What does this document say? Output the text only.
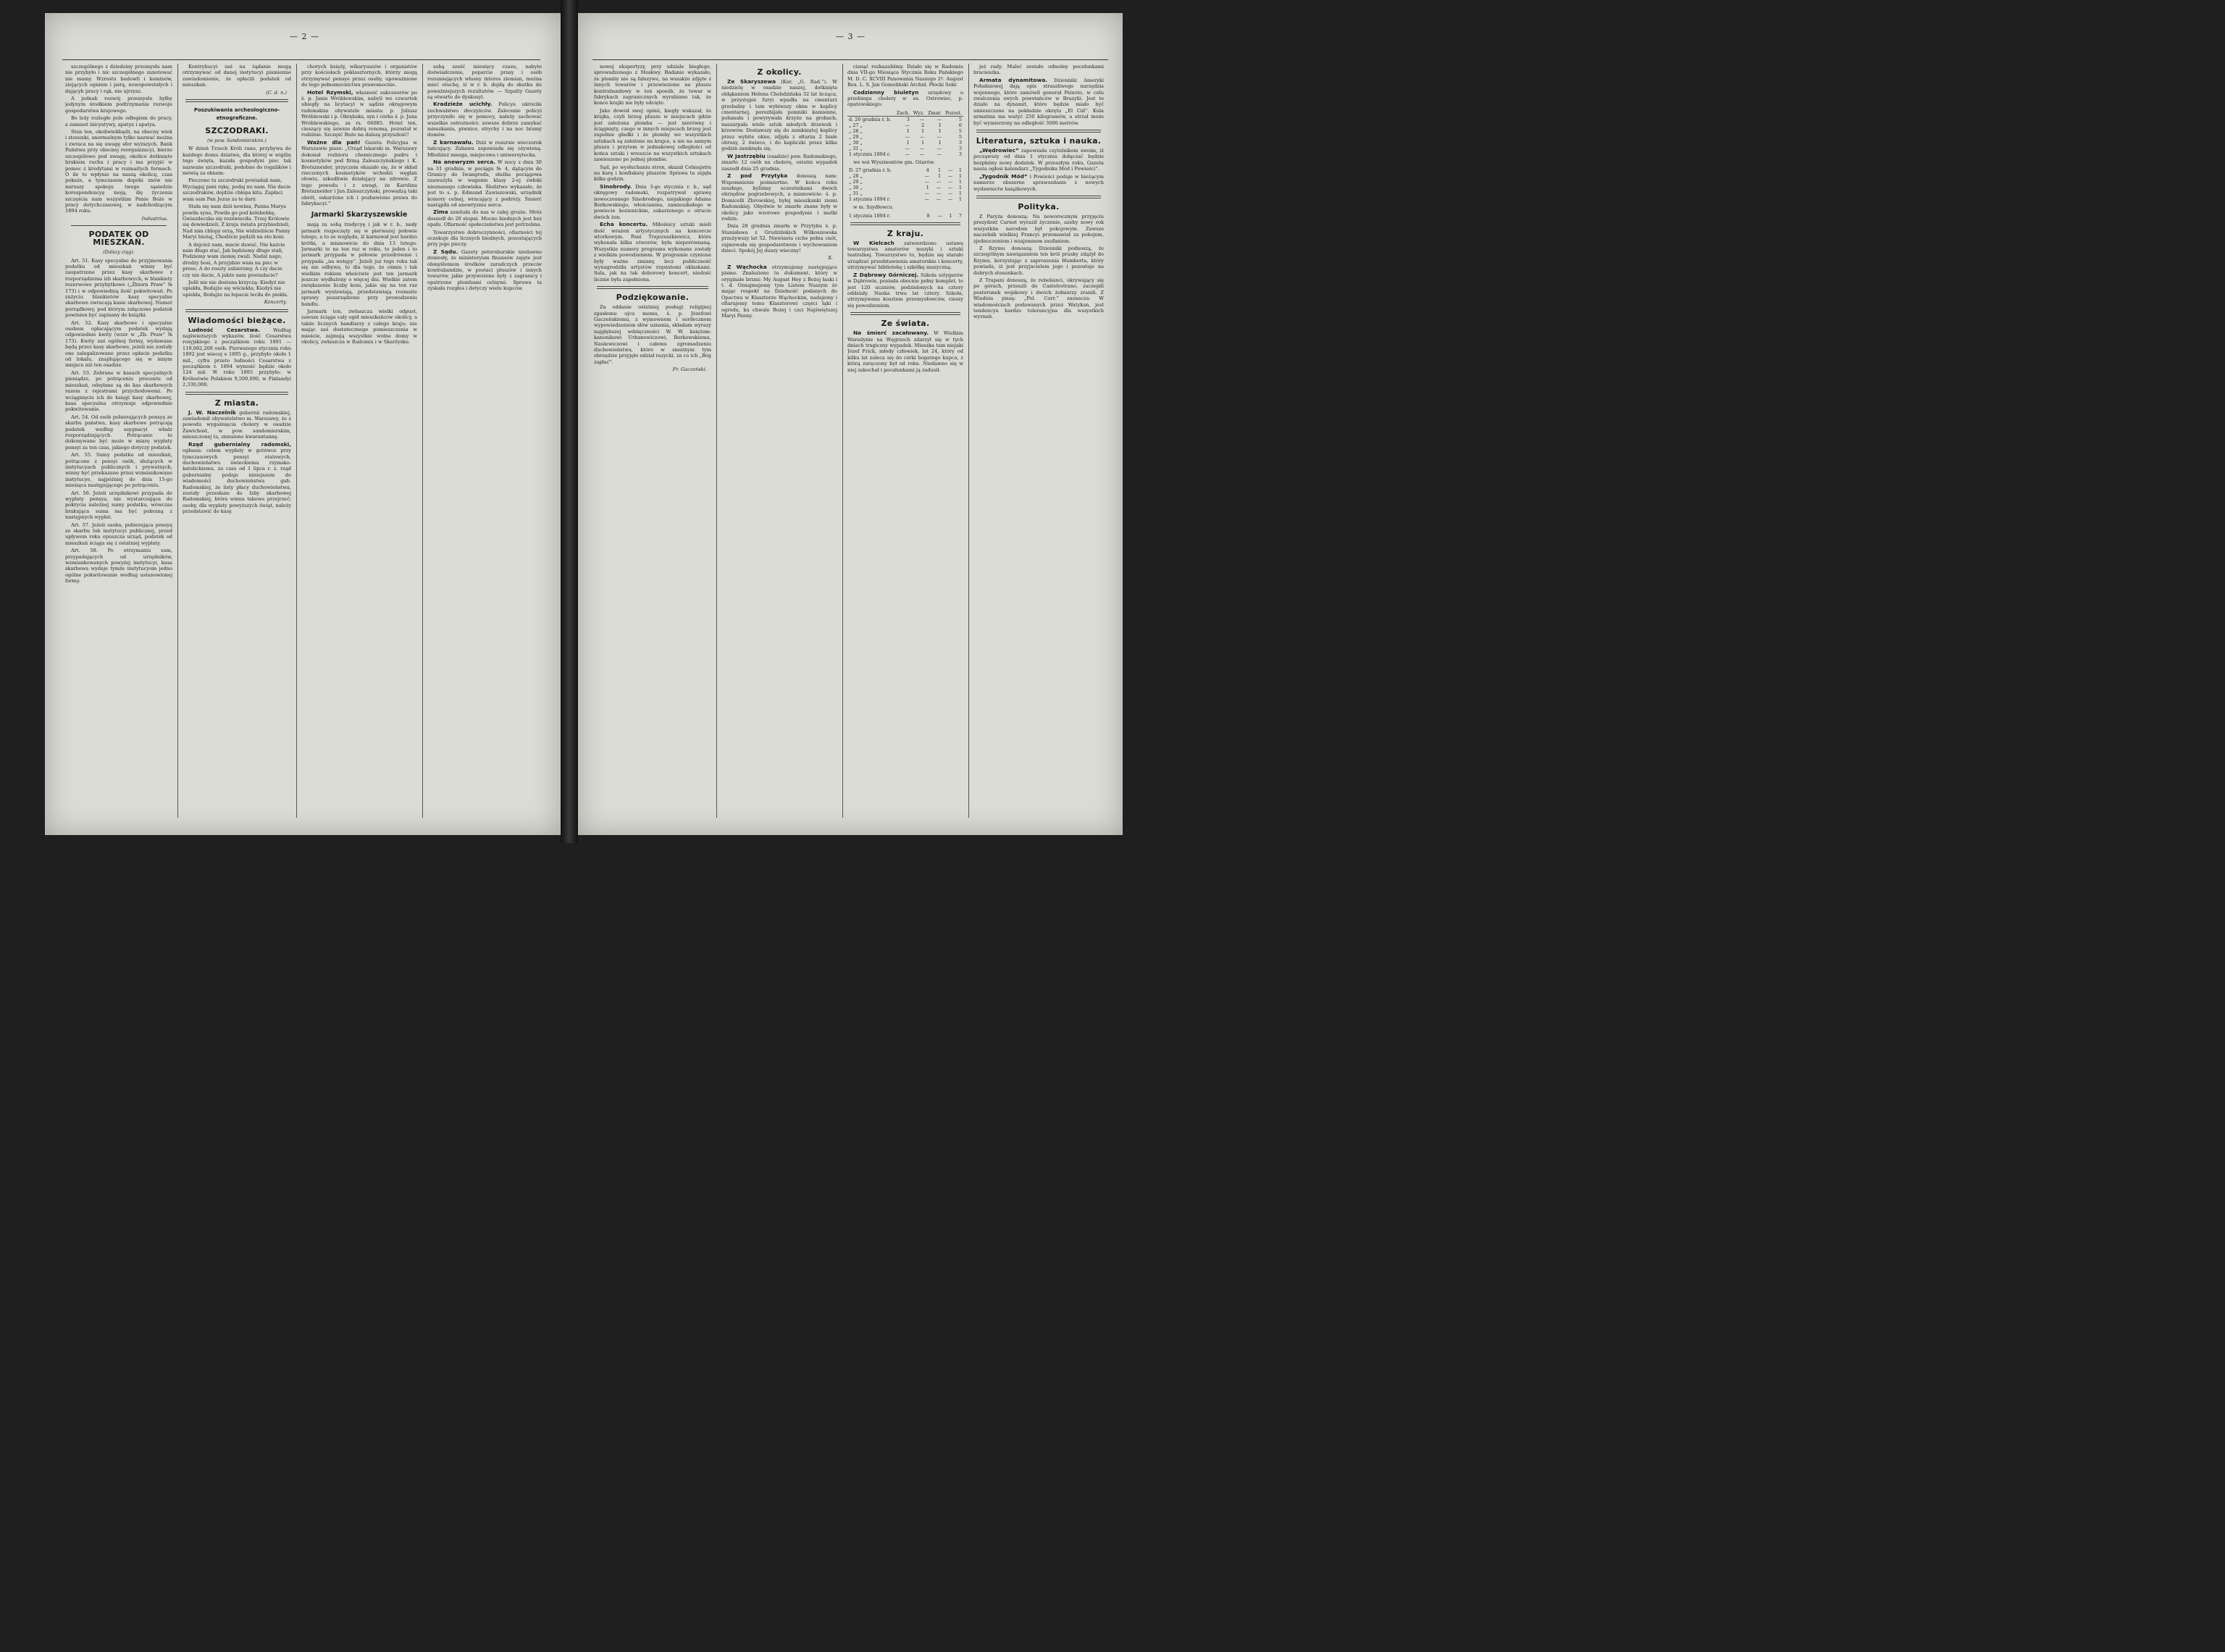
— 2 —

szczególnego z dziedziny przemysłu nam nie przybyło i nic szczególnego zanotować nie mamy. Wzrostu budowli i kominów, ziejących ogniem i parą, nowopowstałych i dającyh pracy i rąk, nie ujrzysz.

A jednak rozwój przemysłu byłby jedynym środkiem podtrzymania rozwoju gospodarstwa krajowego.

Bo leży rozległe pole odłogiem do pracy, a zamiast inicyatywy, apatya i apatya.

Stan ten, okoliwiekbądź, na obecny wiek i stosunki, anormalnym tylko nazwać można i zwraca na się uwagę sfer wyższych. Bank Państwa przy obecnej reorganizacyi, bierze szczególowo pod uwagę, okolice dotknięte brakiem ruchu i pracy i ma przyjść w pomoc z kredytami w rozmaitych formach. O ile to wpłynie na naszą okolicę, czas pokaże, a tymczasem dopóki znów nie naruszy spokoju twego sąsiedzie korespondencyę moją, ślę życzenia szczęścia nam wszystkim Panie Boże w pracy dotychczasowej, w nadchodzącym 1894 roku.

Industrius.
PODATEK OD MIESZKAŃ.
(Dalszy ciąg).

Art. 51. Kasy specyalne do przyjmowania podatku od mieszkań winny być zaopatrzone przez kasy skarbowe z rozporządzenia izb skarbowych, w blankiety rezerwowe przybytkowe („Zbiorn Praw” № 173) i w odpowiednią ilość pokwitowań. Po zużyciu blankietów kasy specyalne skarbowe zwracają kasie skarbowej. Numer porządkowy, pod którym załączono podatek powinien być zapisany do książki.

Art. 52. Kasy skarbowe i specyalne osobom opłacającym podatek wydają odpowiednie kwity (wzór w „Zb. Praw” № 173). Kwity zaś ogólnej formy, wydawane będą przez kasy skarbowe, jeżeli nie zostały one zalegalizowane przez opłacie podatku od lokalu, znajdującego się w innym miejscu niż ten osadzie.

Art. 53. Zebrane w kasach specyalnych pieniądze, po potrąceniu procentu od mieszkań, odsyłane są do kas skarbowych razem z rejestrami przychodowemi. Po wciągnięciu ich do księgi kasy skarbowej, kasa specyalna otrzymuje odpowiednie pokwitowanie.

Art. 54. Od osób pobierających pensyę ze skarbu państwa, kasy skarbowe potrącają podatek według asygnacyi władz rozporządzających. Potrącanie to dokonywane być może w miarę wypłaty pensyi za ten czas, jakiego dotyczy podatek.

Art. 55. Sumy podatku od mieszkań, potrącone z pensyi osób, służących w instytucyach publicznych i prywatnych, winny być przekazane przez wzmiankowane instytucye, najpóźniej do dnia 15-go miesiąca następującego po potrąceniu.

Art. 56. Jeżeli urzędnikowi przypada do wypłaty pensya, nie wystarczająca do pokrycia należnej sumy podatku, wówczas brakująca suma ma być pobraną z następnych wypłat.

Art. 57. Jeżeli osoba, pobierająca pensyę ze skarbu lub instytucyi publicznej, przed upływem roku opuszcza urząd, podatek od mieszkań ściąga się z ostatniej wypłaty.

Art. 58. Po otrzymaniu sum, przypadających od urzędników, wzmiankowanych powyżej instytucyi, kasa skarbowa wydaje tymże instytucyom jedno ogólne pokwitowanie według ustanowionej formy.

Kontrybucyi zaś na żądanie mogą otrzymywać od danej instytucyi pismienne zawiadomienie, że opłacili podatek od mieszkań.

(C. d. n.)
Poszukiwania archeologiczno-etnograficzne.
SZCZODRAKI.
(w pow. Sandomierskim.)

W dzień Trzech Króli rano, przybywa do każdego domu dziatwa, dla której w wigilię tego święta, kazała gospodyni piec tak nazwane szczodraki, podobne do rogalików i mówią za oknem:

Pieczono tu szczodraki powiadali nam, Wyciągaj pani rękę, podaj no nam. Nie dacie szczodraków, dojdzie chłopa kita. Zapłaci wam sam Pan Jezus za te dary.

Stała się nam dziś nowina, Panna Marya powiła syna, Powiła go pod kolebeńkę, Gwiazdeczka się rozświeciła. Trzej Królowie się dowiedzieli, Z kraju świata przybiedzieli, Nad nim chłopy orzą, Nie widzieliście Panny Maryi bieżaj, Chodźcie pędzili na sto koni.

A dajcież nam, macie dawać, Nie każcie nam długo stać, Jak będziemy długo stali, Podziemy wam ziemię zwali. Nadal nago, drodzy bosi, A przyjdzie wam na piec w proso, A do roszty zabierzmy, A czy dacie czy nie dacie, A jakże nam powiadacie?

Jeśli nie nie dostana krzyczą: Kiedyż nie upiekła, Bodajże się wściekła; Kiedyś nie upiekła, Bodajże na łopacie leciła do piekła.

Koncerty.
Wiadomości bieżące.

Ludność Cesarstwa.	Według najświeższych wykazów, ilość Cesarstwa rosyjskiego z początkiem roku 1891 — 119,082,208 osób. Pierwszego stycznia roku 1892 jest wiecej o 1895 g., przybyło około 1 mil., cyfra przeto ludności Cesarstwa z początkiem r. 1894 wynosić będzie około 124 mil. W roku 1893 przybyło: w Królestwie Polskiem 9,500,000, w Finlandyi 2,330,000.

Z miasta.

J. W. Naczelnik gubernii radomskiej, zawiadomił obywatelstwo m. Warszawy, że z powodu wygaśnięcia cholery w osadzie Zawichost, w pow. sandomierskim, mieszczonej ta, zniesiono kwarantannę.

Rząd gubernialny radomski, ogłasza: celem wypłaty w gotówce przy tymczasowych pensyi etatowych, duchowieństwu świeckiemu rzymsko-katolickiemu, za czas od 1 lipca r. z. rząd gubernialny podaje niniejszem do wiadomości duchowieństwa gub. Radomskiej, że listy płacy duchowieństwa, zostały przesłane do Izby skarbowej Radomskiej, która winna takowe przejrzeć; osoby, dla wypłaty powyższych świąt, należy przedstawić do kasy.

chorych księży, wikaryuszów i organistów przy kościołach poklasztornych, którzy mogą otrzymywać pensye przez osoby, upoważnione do tego pełnomocnictwa prawomocnie.

Hotel Rzymski, własność sukcesorów po ś. p. Janie Wróblewskim, nabyli we czwartek ubiegły na licytacyi w sądzie okręgowym radomskim obywatele miasta: p. Juliusz Wróblewski i p. Obrębska, syn i córka ś. p. Jana Wróblewskiego, za rs. 66085. Hotel ten, cieszący się zawsze dobrą renomą, pozostał w rodzinie. Szczęść Boże na dalszą przyszłość!

Ważne dla pań! Gazeta Policyjna w Warszawie pisze: „Urząd lekarski m. Warszawy dokonał rozbioru chemicznego pudru i kosmetyków pod firmą Zaleszczyńskiego i K. Bretszneider, przyczem okazało się, że w skład rzeczonych kosmetyków wchodzi węglan ołowiu, szkodliwie działający na zdrowie. Z tego powodu i z uwagi, że Karolina Bretszneider i Jan Zaleszczyński, prowadzą taki obrót, oskarżono ich i pozbawiono prawa do fabrykacyi.”

Jarmarki Skarzyszewskie

mają za sobą tradycyę i jak w r. b., mały jarmark rozpoczęty się w pierwszej połowie lutego, a to ze względu, iż karnawał jest bardzo krótki, a mianowicie do dnia 13 lutego. Jarmarki te na ten raz w roku, to jeden i to jarmark przypada w półowie przedrównie i przypada „na wstępy”. Jeżeli już tego roku tak się nie odbywa, to dla tego, że ośmiu i tak wielkim rokiem właściwie jest ten jarmark jeszcze wydłużony o więcej dni. Wielkie zatem zwiększenie liczby koni, jakie się na ten raz jarmark wystawiają, przedstawiają rozmaite sprawy pozarządzone przy prowadzeniu handlu.

Jarmark ten, zwłaszcza wielki odpust, zawsze ściąga cały ogół mieszkańców okolicy, a także licznych handlarzy z całego kraju; nie mając zaś dostatecznego pomieszczenia w mieście, zajmują wszystkie wolne domy w okolicy, zwłaszcza w Radomiu i w Skarżysku.

sobą sześć miesięcy czasu, nabyte doświadczenie, poparcie prasy i osób rozumiejących własny interes ziemian, można mieć otuchę, iż w r. b. dojdą do skutku do poważniejszych rezultatów. — Szpalty Gazety są otwarte do dyskusyi.

Kradzieże ucichły. Policya ukróciła zuchwalstwo złoczyńców. Zalecenie policyi przyczyniło się w pomocy, należy zachować wszelkie ostrożności: zawsze dobrze zamykać mieszkania, piwnice, strychy i na noc bramy domów.

Z karnawału. Dziś w resursie wieczorek tańcujący. Zabawa zapowiada się ożywioną. Młodzież mnoga, miejscowa i uniwersytecka.

Na anewryzm serca. W nocy z dnia 30 na 31 grudnia, w pociągu № 4, dążącym do Granicy do Iwangrodu, służba pociągowa zauważyła w wagonie klasy 2-ej zwłoki nieznanego człowieka. Śledztwo wykazało, że jest to s. p. Edmund Zawiszewski, urzędnik komory celnej, wracający z podróży. Śmierć nastąpiła od anewryzmu serca.

Zima zawitała do nas w całej grozie. Mróz doszedł do 20 stopni. Mocno biednych jest bez opału. Ofiarność społeczeństwa jest potrzebna.

Towarzystwo dobroczynności, ofiarności tej oczekuje dla licznych biednych, pozostających przy jego pieczy.

Z Sądu. Gazety petersburskie niedawno doniosły, że ministeryum finansów zajęte jest obmyśleniem środków zaradczych przeciw kontrabandzie, w postaci pluszów i innych towarów, jakie przywożone były z zagranicy i opatrzone plombami celnymi. Sprawa ta zyskała rozgłos i dotyczy wielu kupców.

— 3 —

nowej ekspertyzy, przy udziale biegłego, sprowadzonego z Moskwy. Badanie wykazało, że plomby nie są fałszywe, na wszakże zdjęte z innych towarów i przewiezione na pluszu kontrabandowy w ten sposób, że towar w fabrykach zagranicznych wyrabiano tak, że konce krajki nie były odcięte.

Jako dowód swej opinii, biegły wskazał, że krajka, czyli brzeg pluszu w miejscach gdzie jest założona plomba — jest nierówny i ściągnięty, czego w innych miejscach brzeg jest zupełnie gładki i że plomby we wszystkich sztukach są założone na krajce, a nie na samym pluszu i przytem w jednakowej odległości od końca sztuki i wreszcie na wszystkich sztukach zawieszono po jednej plombie.

Sąd, po wysłuchaniu stron, skazał Celmajstra na karę i konfiskatę pluszów. Sprawa ta zajęła kilka godzin.

Sinobrody. Dnia 3-go stycznia r. b., sąd okręgowy radomski, rozpatrywał sprawę nowoczesnego Sinobrodego, niejakiego Adama Borkowskiego, włościanina, zamieszkałego w powiecie kozienickim, oskarżonego o otrucie dwóch żon.

Echa koncertu. Miłośnicy sztuki mieli dość wrażeń artystycznych na koncercie wtorkowym. Pani Trajezuszkiewicz, która wykonała kilka utworów, była nieporównaną. Wszystkie numery programu wykonane zostały z wielkim powodzeniem. W programie czynione były ważne zmiany, lecz publiczność wynagrodziła artystów rzęsistemi oklaskami. Sala, jak na tak doborowy koncert, niedość licznie była zapełniona.

Podziękowanie.

Za oddanie ostatniej posługi religijnej zgasłemu ojcu memu, ś. p. Józefowi Gaczeńskiemu, z wymownem i serdecznem wypowiedzeniem słów uznania, składam wyrazy najgłębszej wdzięczności W. W. księżom: kanonikowi Urbanowiczowi, Borkowskiemu, Naulewiczowi i całemu zgromadzeniu duchowieństwa, które w smutnym tym obrzędzie przyjęło udział razycki, za co ich „Bóg zapłać”.

Fr. Gaczeński.
Z okolicy.

Ze Skaryszewa (Kor. „G. Rad.”). W niedzielę w osadzie naszej, dotknięta obłąkaniem Helena Chebdzińska 32 lat licząca, w przystępie furyi wpadła na cmentarz grzebalny i tam wybiwszy okna w kaplicy cmentarnej, porozbijała pomniki kamienne, połamała i powyrywała krzyże na grobach, naszarpała wiele sztuk młodych drzewek i krzewów. Dostawszy się do zamkniętej kaplicy przez wybite okno, zdjęła z ołtarza 2 białe obrusy, 2 świece, i do kapliczki przez kilka godzin zamknęła się.

W Jastrzębiu (osadzie) pow. Radomskiego, zmarło 12 osób na cholerę, ostatni wypadek zaszedł dnia 25 grudnia.

Z pod Przytyka donoszą nam: Wspomnienie pośmiertne. W końcu roku zeszłego, byliśmy uczestnikami dwóch obrzędów pogrzebowych, a mianowicie: ś. p. Domicelli Zbrowskiej, byłej mieszkanki ziemi Radomskiej. Obydwie te zmarłe znane były w okolicy jako wzorowe gospodynie i matki rodzin.

Dnia 28 grudnia zmarła w Przytyku ś. p. Stanisława z Grudzińskich Wilkoszewska przeżywszy lat 52. Niewiasta ciche pełna cnót, zajmowała się gospodarstwem i wychowaniem dzieci. Spokój Jej duszy wieczny!

X.

Z Wąchocka otrzymujemy następujące pismo. Znaleziono tu dokument, który w oryginale brzmi: My August Hey z Bożej łaski i t. d. Oznajmujemy tym Listem Naszym że mając respekt na Dzielność podanych do Opactwa w Klasztorze Wąchockim, nadajemy i ofiarujemy temu Klasztorowi części łąki i ogrodu, ku chwale Bożej i czci Najświętszej Maryi Panny.

cisnąć rozkazaliśmy. Działo się w Radomiu dnia VII-go Miesiąca Stycznia Roku Pańskiego M. D. C. XCVIII Panowania Naszego 2º. August Rex. L. S. Jan Gomoliński Archid. Płocki Sekr.

Codzienny biuletyn urzędowy o przebiegu cholery w os. Ostrowiec, p. opatowskiego:

	Zach.	Wyz.	Zmar.	Pozost.
d. 26 grudnia r. b.	3	—	—	5
„ 27 „	—	2	1	6
„ 28 „	1	1	1	5
„ 29 „	—	—	—	5
„ 30 „	1	1	1	3
„ 31 „	—	—	—	3
1 stycznia 1894 r.	—	—	—	3

we wsi Wyszmontów gm. Ożarów.

D. 27 grudnia r. b.	4	1	—	1
„ 28 „	—	1	—	1
„ 29 „	—	—	—	1
„ 30 „	1	—	—	1
„ 31 „	—	—	—	1
1 stycznia 1894 r.	—	—	—	1

w m. Szydłowcu.

1 stycznia 1894 r.	8	—	1	7
Z kraju.

W Kielcach zatwierdzono ustawę towarzystwa amatorów muzyki i sztuki teatralnej. Towarzystwo to, będzie się starało urządzać przedstawienia amatorskie i koncerty, utrzymywać bibliotekę i szkółkę muzyczną.

Z Dąbrowy Górniczej. Szkoła sztygarów w Dąbrowie, posiada obecnie pełny komplet, to jest 120 uczniów, podzielonych na cztery oddziały. Nauka trwa lat cztery. Szkoła, utrzymywana kosztem przemysłowców, cieszy się powodzeniem.

Ze świata.

Na śmierć zacałowany. W Wielkim Waradynie na Węgrzech zdarzył się w tych dniach tragiczny wypadek. Mieszka tam niejaki Józef Frick, młody człowiek, lat 24, który od kilku lat zaleca się do córki bogatego kupca, z którą zaręczony był od roku. Niedawno się w niej zakochał i pocałunkami ją zadusił.

jeż rady. Maleć zostało odnośny pocałunkami bracieszka.

Armata dynamitowa. Dzienniki Ameryki Południowej dają opis straszliwego narzędzia wojennego, które zamówił generał Peixoto, w celu zwalczenia swych powstańców w Brazylii. Jest to działo na dynamit, które będzie miało być umieszczone na pokładzie okrętu „El Cid”. Kula armatnia ma ważyć 250 kilogramów, a strzał może być wymierzony na odległość 3000 metrów.

Literatura, sztuka i nauka.

„Wędrowiec” zapowiada czytelnikom swoim, iż począwszy od dnia 1 stycznia dołączać będzie bezpłatny nowy dodatek. W przeszłym roku, Gazeta nasza ogłosi kalendarz „Tygodnika Mód i Powieści”.

„Tygodnik Mód” i Powieści podaje w bieżącym numerze obszerne sprawozdanie z nowych wydawnictw książkowych.

Polityka.

Z Paryża donoszą: Na noworocznym przyjęciu prezydent Carnot wyraził życzenie, azeby nowy rok wszystkim narodom był pokojowym. Zawsze naczelnik wielkiej Francyi przemawiał za pokojem, zjednoczeniem i wzajemnem zaufaniem.

Z Rzymu donoszą: Dzienniki podnoszą, że szczególnym nawiązaniem ten król prusky zdążył do Rzymu, korzystając z zaproszenia Humberta, który powiada, iż jest przyjacielem jego i pozostaje na dobrych stosunkach.

Z Trapani donoszą, że rebelianci, ukrywający się po górach, przeszli do Castelvetrano, zaczepili posterunek wojskowy i dwóch żołnierzy zranili. Z Wiednia piszą: „Pol. Corr.” zaznacza: W wiadomościach podawanych przez Watykan, jest tendencya bardzo tolerancyjna dla wszystkich wyznań.
